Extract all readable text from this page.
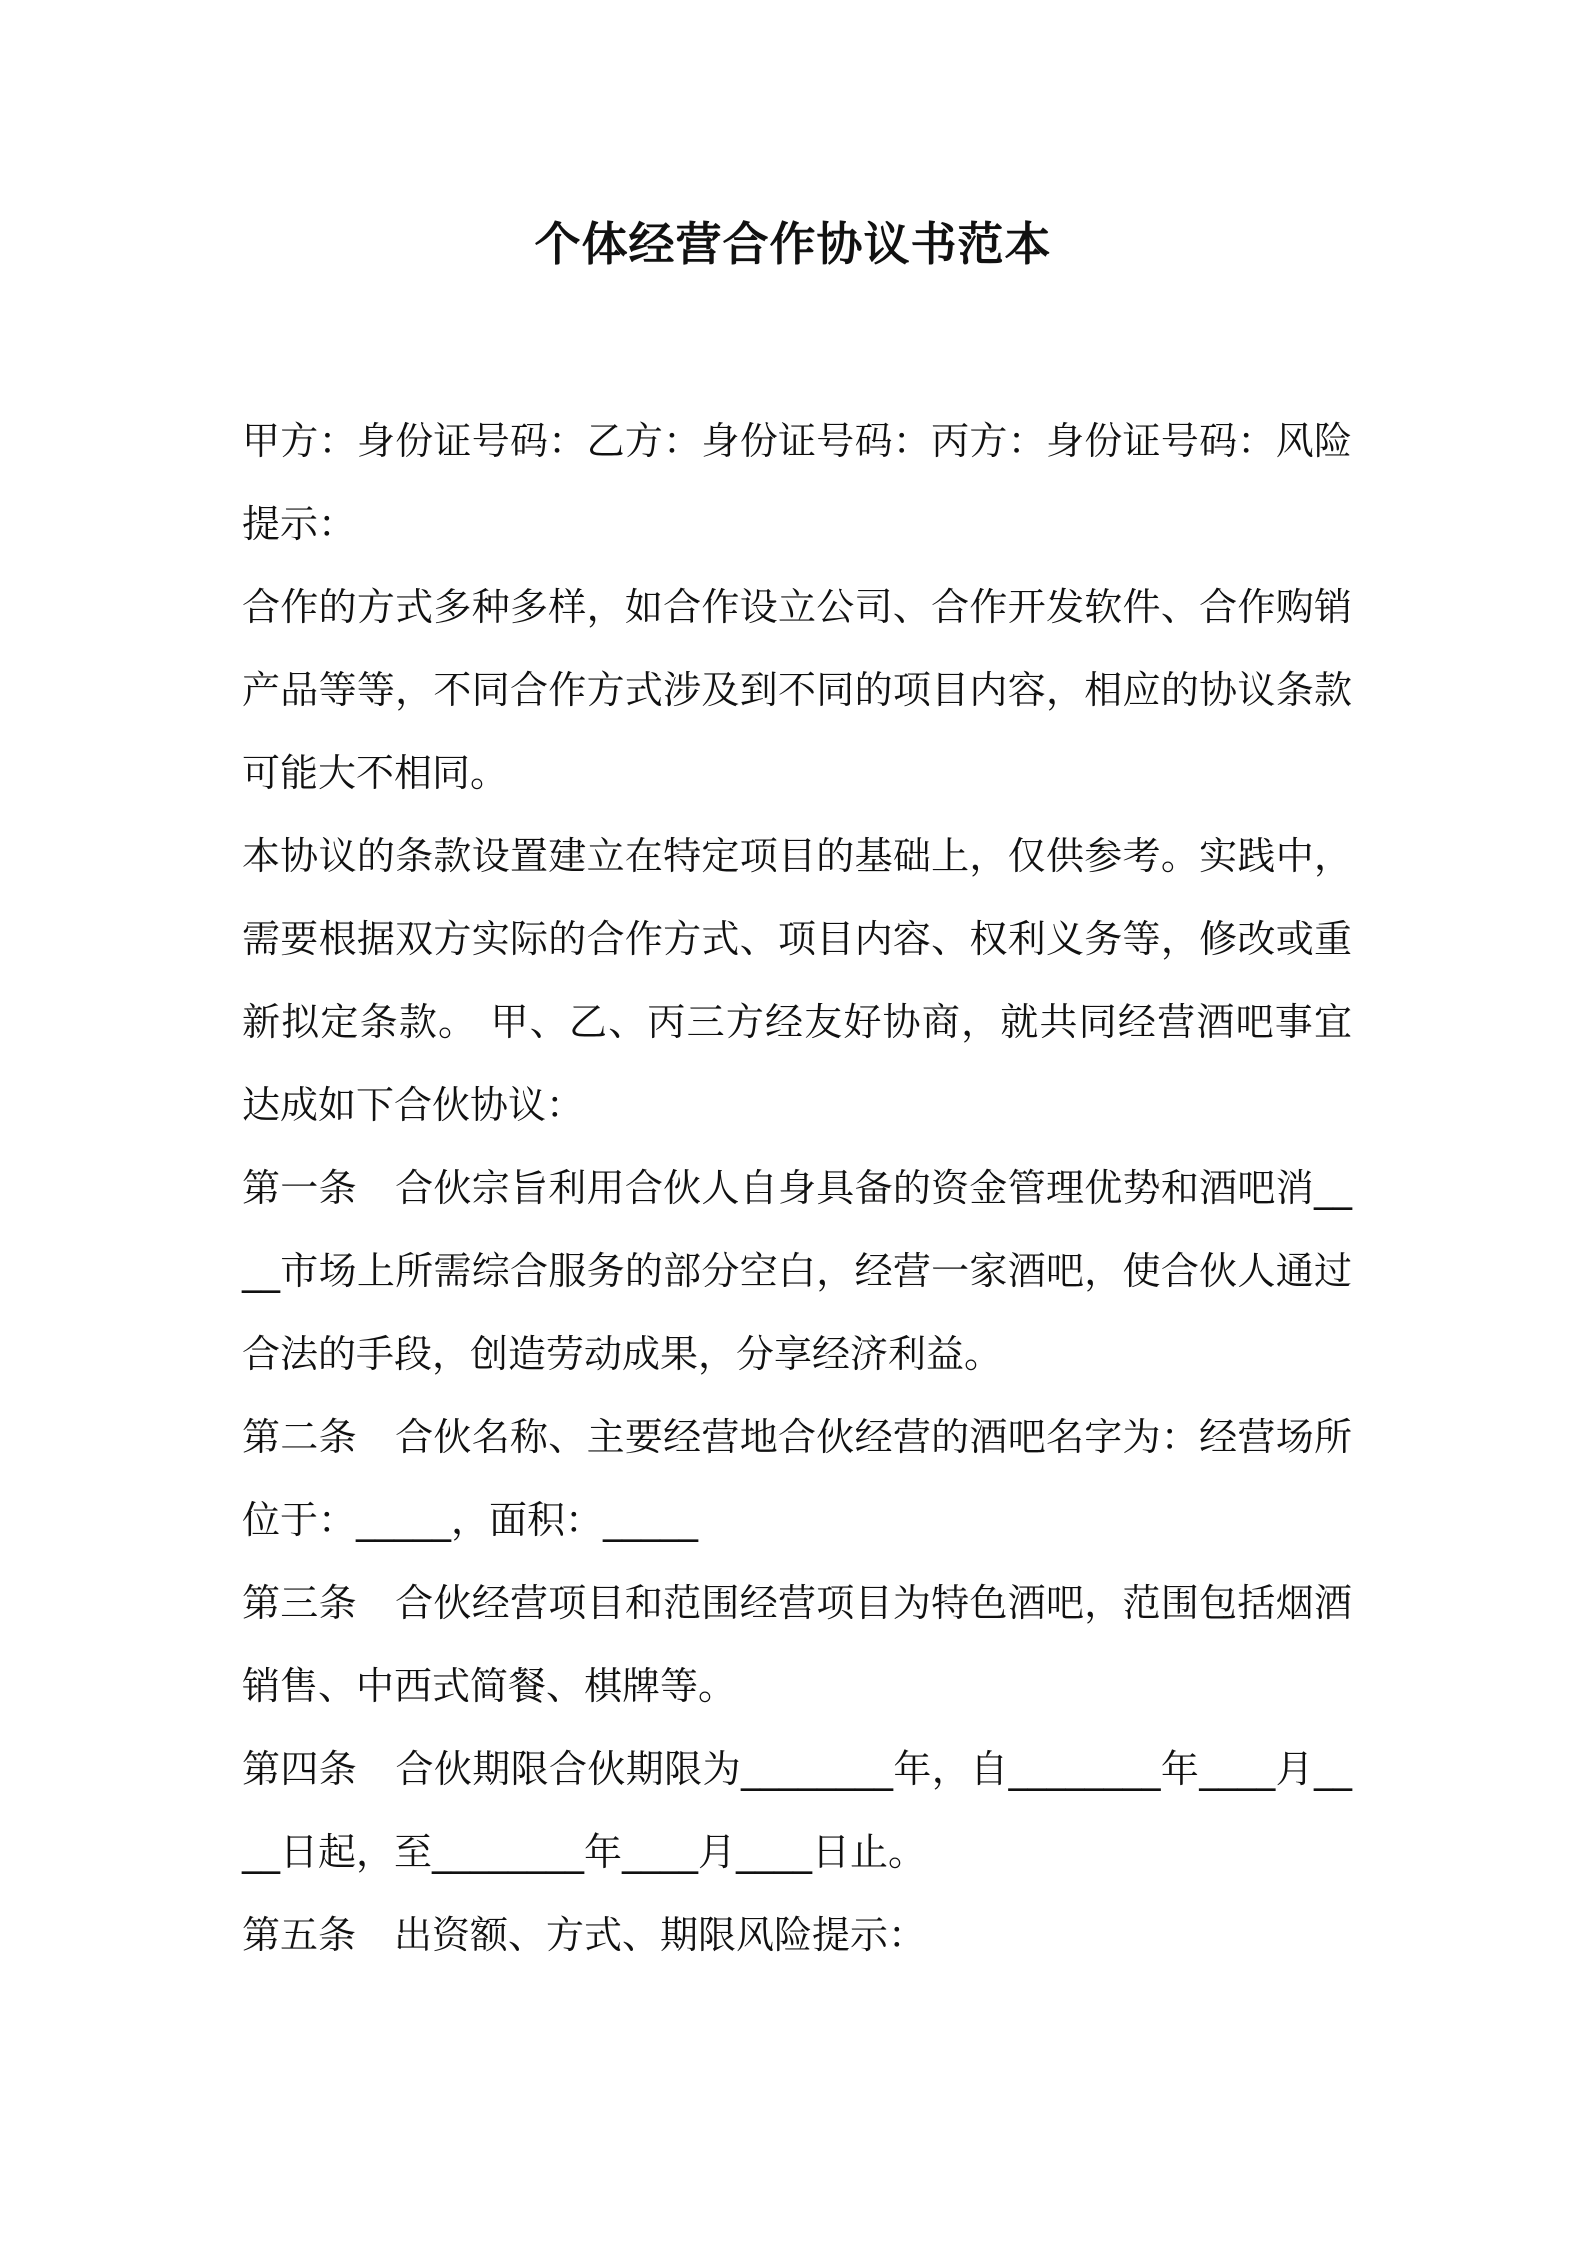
个体经营合作协议书范本

甲方：身份证号码：乙方：身份证号码：丙方：身份证号码：风险提示：

合作的方式多种多样，如合作设立公司、合作开发软件、合作购销产品等等，不同合作方式涉及到不同的项目内容，相应的协议条款可能大不相同。

本协议的条款设置建立在特定项目的基础上，仅供参考。实践中，需要根据双方实际的合作方式、项目内容、权利义务等，修改或重新拟定条款。 甲、乙、丙三方经友好协商，就共同经营酒吧事宜达成如下合伙协议：

第一条　合伙宗旨利用合伙人自身具备的资金管理优势和酒吧消____市场上所需综合服务的部分空白，经营一家酒吧，使合伙人通过合法的手段，创造劳动成果，分享经济利益。

第二条　合伙名称、主要经营地合伙经营的酒吧名字为：经营场所位于：_____，面积：_____

第三条　合伙经营项目和范围经营项目为特色酒吧，范围包括烟酒销售、中西式简餐、棋牌等。

第四条　合伙期限合伙期限为________年，自________年____月____日起，至________年____月____日止。

第五条　出资额、方式、期限风险提示：
